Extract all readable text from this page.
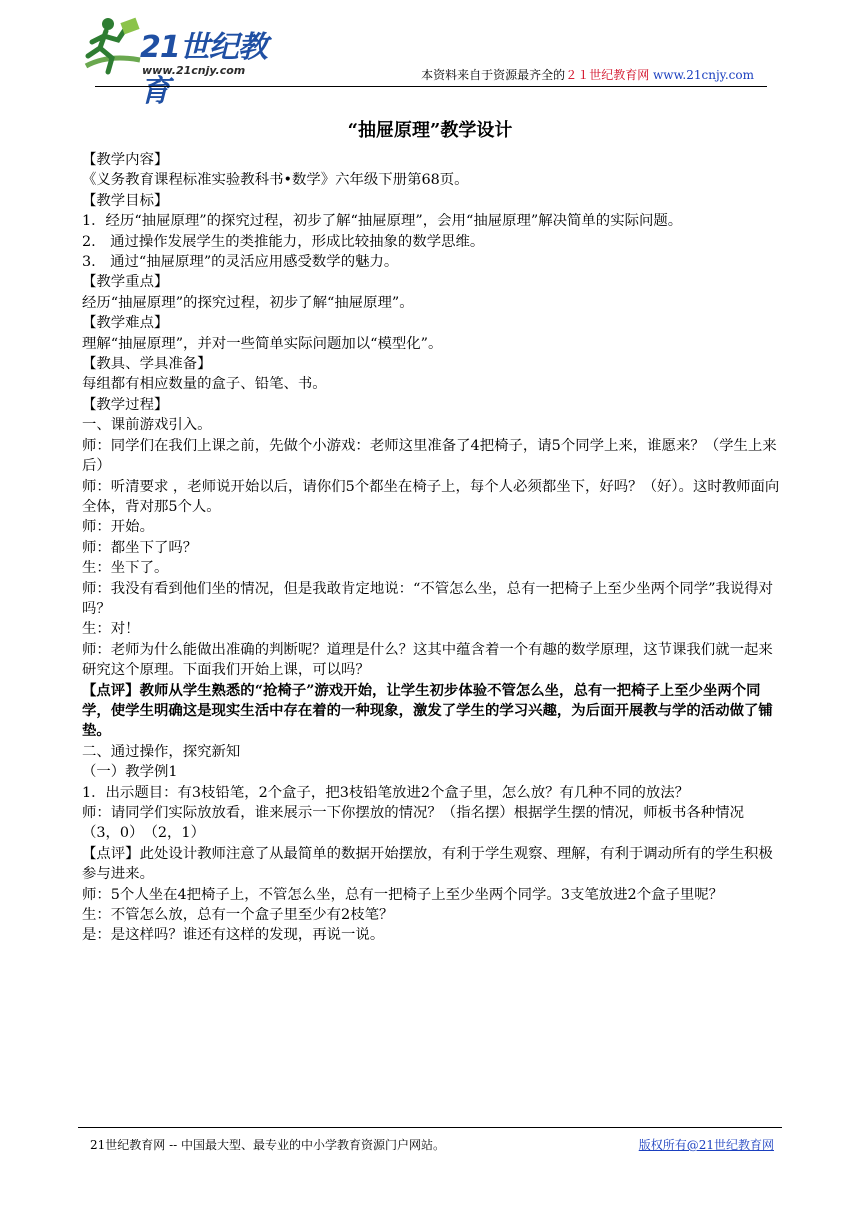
21世纪教育
www.21cnjy.com	本资料来自于资源最齐全的２１世纪教育网 www.21cnjy.com
“抽屉原理”教学设计

【教学内容】

《义务教育课程标准实验教科书•数学》六年级下册第68页。

【教学目标】

1．经历“抽屉原理”的探究过程，初步了解“抽屉原理”，会用“抽屉原理”解决简单的实际问题。

2.　通过操作发展学生的类推能力，形成比较抽象的数学思维。

3.　通过“抽屉原理”的灵活应用感受数学的魅力。

【教学重点】

经历“抽屉原理”的探究过程，初步了解“抽屉原理”。

【教学难点】

理解“抽屉原理”，并对一些简单实际问题加以“模型化”。

【教具、学具准备】

每组都有相应数量的盒子、铅笔、书。

【教学过程】

一、课前游戏引入。

师：同学们在我们上课之前，先做个小游戏：老师这里准备了4把椅子，请5个同学上来，谁愿来？（学生上来后）

师：听清要求 ，老师说开始以后，请你们5个都坐在椅子上，每个人必须都坐下，好吗？（好）。这时教师面向全体，背对那5个人。

师：开始。

师：都坐下了吗？

生：坐下了。

师：我没有看到他们坐的情况，但是我敢肯定地说：“不管怎么坐，总有一把椅子上至少坐两个同学”我说得对吗？

生：对！

师：老师为什么能做出准确的判断呢？道理是什么？这其中蕴含着一个有趣的数学原理，这节课我们就一起来研究这个原理。下面我们开始上课，可以吗？

【点评】教师从学生熟悉的“抢椅子”游戏开始，让学生初步体验不管怎么坐，总有一把椅子上至少坐两个同学，使学生明确这是现实生活中存在着的一种现象，激发了学生的学习兴趣，为后面开展教与学的活动做了铺垫。

二、通过操作，探究新知

（一）教学例1

1．出示题目：有3枝铅笔，2个盒子，把3枝铅笔放进2个盒子里，怎么放？有几种不同的放法？

师：请同学们实际放放看，谁来展示一下你摆放的情况？（指名摆）根据学生摆的情况，师板书各种情况　（3，0）　（2，1）

【点评】此处设计教师注意了从最简单的数据开始摆放，有利于学生观察、理解，有利于调动所有的学生积极参与进来。

师：5个人坐在4把椅子上，不管怎么坐，总有一把椅子上至少坐两个同学。3支笔放进2个盒子里呢？

生：不管怎么放，总有一个盒子里至少有2枝笔？

是：是这样吗？谁还有这样的发现，再说一说。

21世纪教育网 -- 中国最大型、最专业的中小学教育资源门户网站。	版权所有@21世纪教育网
